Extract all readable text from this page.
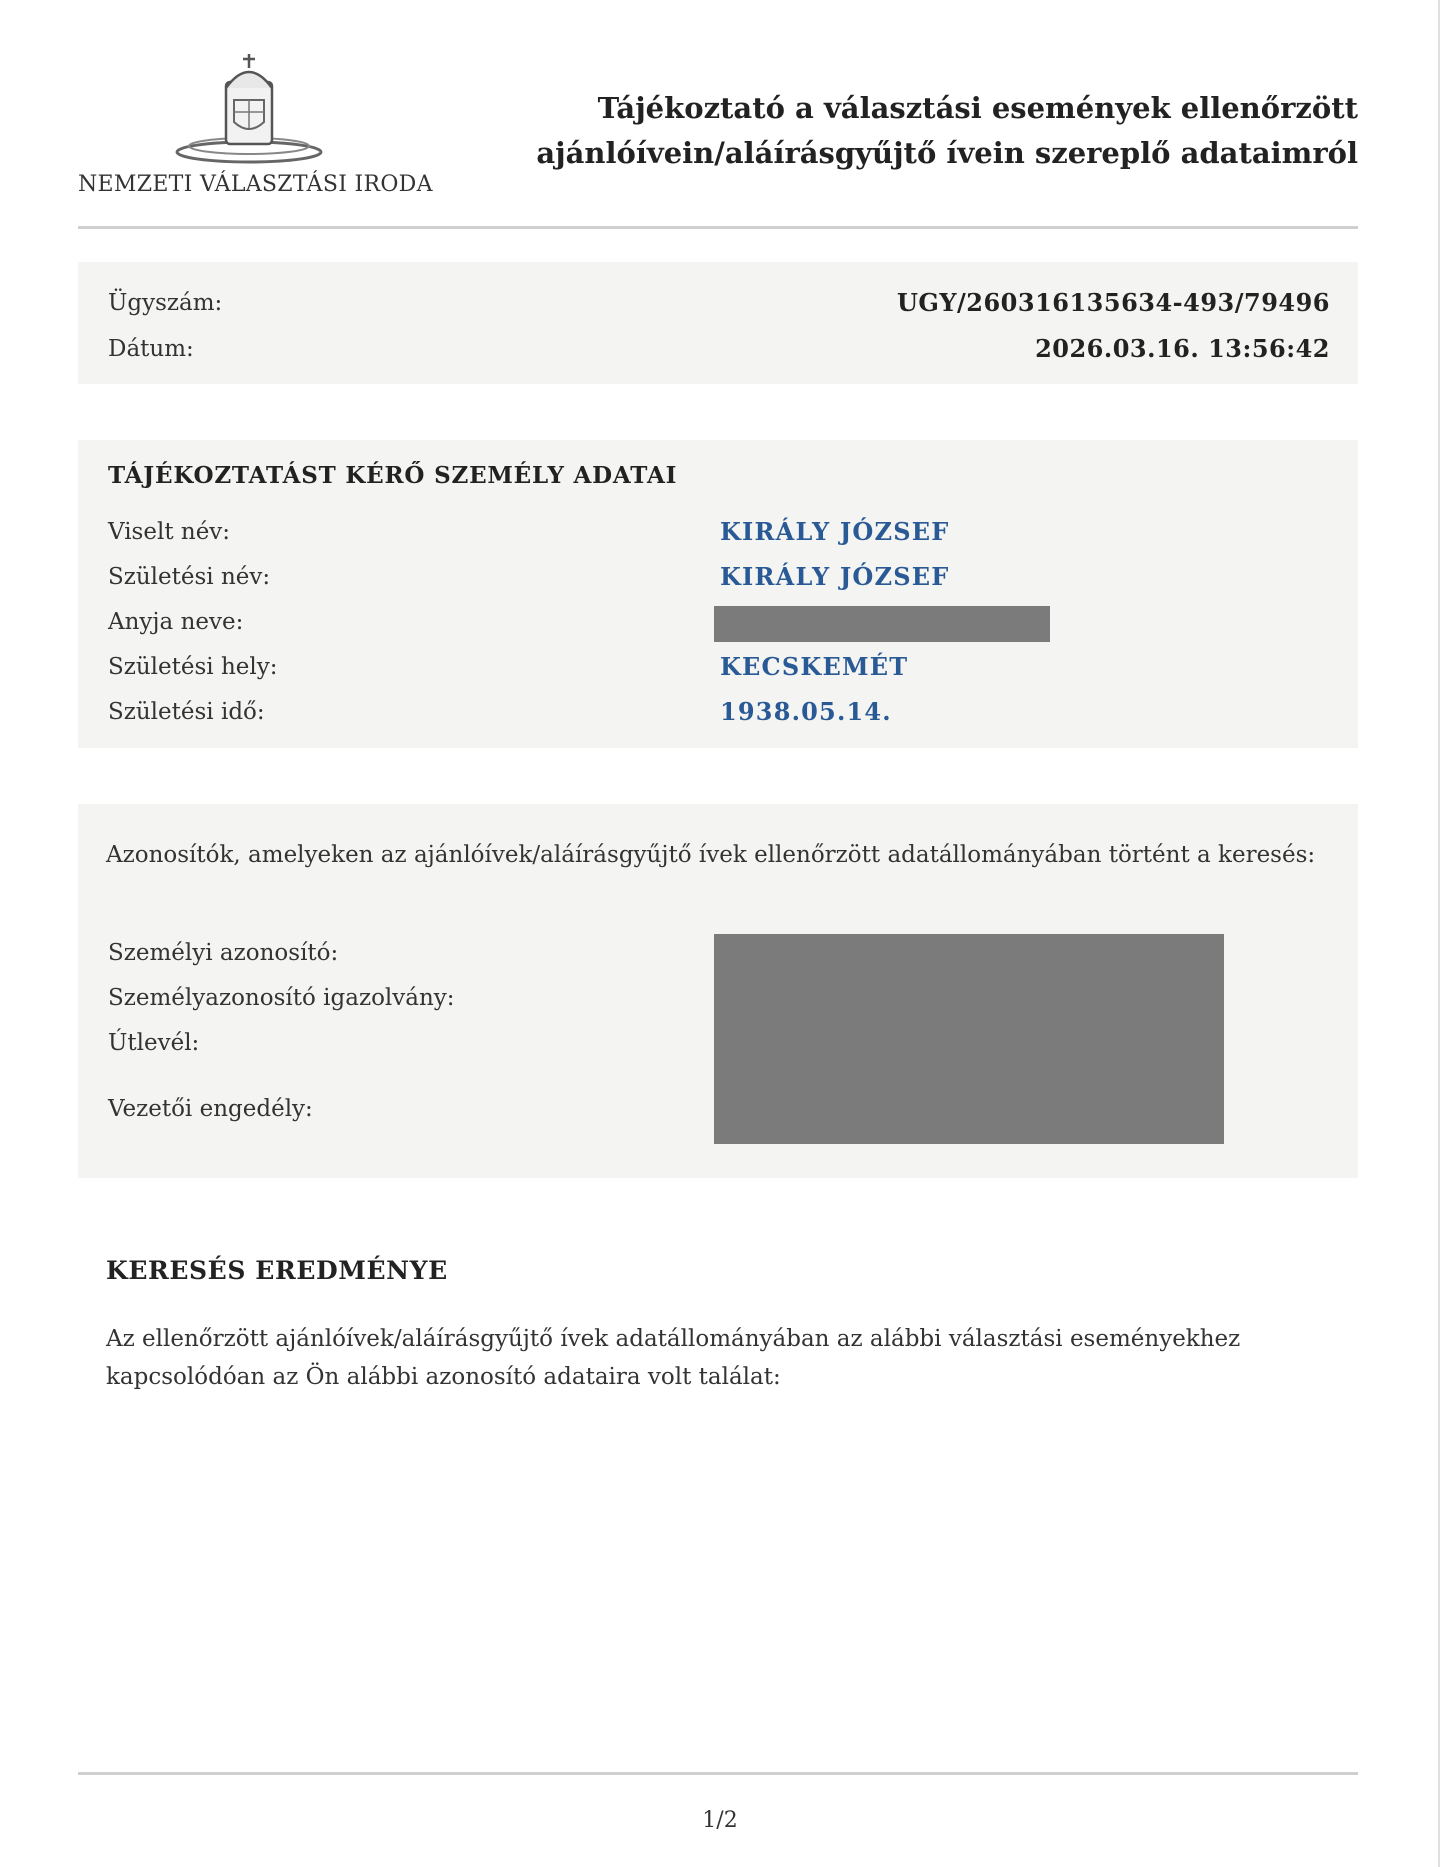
NEMZETI VÁLASZTÁSI IRODA
Tájékoztató a választási események ellenőrzött
ajánlóívein/aláírásgyűjtő ívein szereplő adataimról
Ügyszám:	UGY/260316135634-493/79496
Dátum:	2026.03.16. 13:56:42
TÁJÉKOZTATÁST KÉRŐ SZEMÉLY ADATAI
Viselt név:	KIRÁLY JÓZSEF
Születési név:	KIRÁLY JÓZSEF
Anyja neve:
Születési hely:	KECSKEMÉT
Születési idő:	1938.05.14.
Azonosítók, amelyeken az ajánlóívek/aláírásgyűjtő ívek ellenőrzött adatállományában történt a keresés:
Személyi azonosító:
Személyazonosító igazolvány:
Útlevél:
Vezetői engedély:
KERESÉS EREDMÉNYE
Az ellenőrzött ajánlóívek/aláírásgyűjtő ívek adatállományában az alábbi választási eseményekhez kapcsolódóan az Ön alábbi azonosító adataira volt találat:
1/2
